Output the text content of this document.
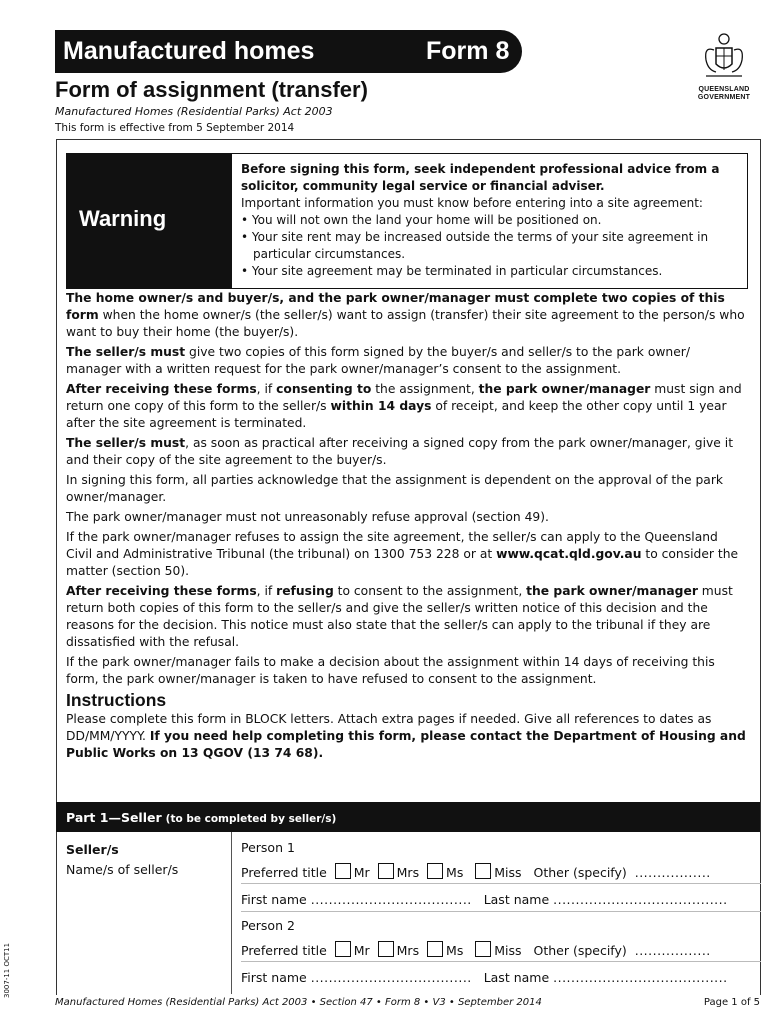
Manufactured homes	Form 8
Form of assignment (transfer)
Manufactured Homes (Residential Parks) Act 2003
This form is effective from 5 September 2014
QUEENSLAND
GOVERNMENT
Warning
Before signing this form, seek independent professional advice from a solicitor, community legal service or financial adviser.
Important information you must know before entering into a site agreement:
• You will not own the land your home will be positioned on.
• Your site rent may be increased outside the terms of your site agreement in particular circumstances.
• Your site agreement may be terminated in particular circumstances.

The home owner/s and buyer/s, and the park owner/manager must complete two copies of this form when the home owner/s (the seller/s) want to assign (transfer) their site agreement to the person/s who want to buy their home (the buyer/s).

The seller/s must give two copies of this form signed by the buyer/s and seller/s to the park owner/ manager with a written request for the park owner/manager’s consent to the assignment.

After receiving these forms, if consenting to the assignment, the park owner/manager must sign and return one copy of this form to the seller/s within 14 days of receipt, and keep the other copy until 1 year after the site agreement is terminated.

The seller/s must, as soon as practical after receiving a signed copy from the park owner/manager, give it and their copy of the site agreement to the buyer/s.

In signing this form, all parties acknowledge that the assignment is dependent on the approval of the park owner/manager.

The park owner/manager must not unreasonably refuse approval (section 49).

If the park owner/manager refuses to assign the site agreement, the seller/s can apply to the Queensland Civil and Administrative Tribunal (the tribunal) on 1300 753 228 or at www.qcat.qld.gov.au to consider the matter (section 50).

After receiving these forms, if refusing to consent to the assignment, the park owner/manager must return both copies of this form to the seller/s and give the seller/s written notice of this decision and the reasons for the decision. This notice must also state that the seller/s can apply to the tribunal if they are dissatisfied with the refusal.

If the park owner/manager fails to make a decision about the assignment within 14 days of receiving this form, the park owner/manager is taken to have refused to consent to the assignment.

Instructions

Please complete this form in BLOCK letters. Attach extra pages if needed. Give all references to dates as DD/MM/YYYY. If you need help completing this form, please contact the Department of Housing and Public Works on 13 QGOV (13 74 68).

Part 1—Seller (to be completed by seller/s)
Seller/s
Name/s of seller/s
Person 1
Preferred title Mr Mrs Ms Miss Other (specify) .................
First name .................................... Last name .......................................
Person 2
Preferred title Mr Mrs Ms Miss Other (specify) .................
First name .................................... Last name .......................................
Manufactured Homes (Residential Parks) Act 2003 • Section 47 • Form 8 • V3 • September 2014	Page 1 of 5
3007-11 OCT11
